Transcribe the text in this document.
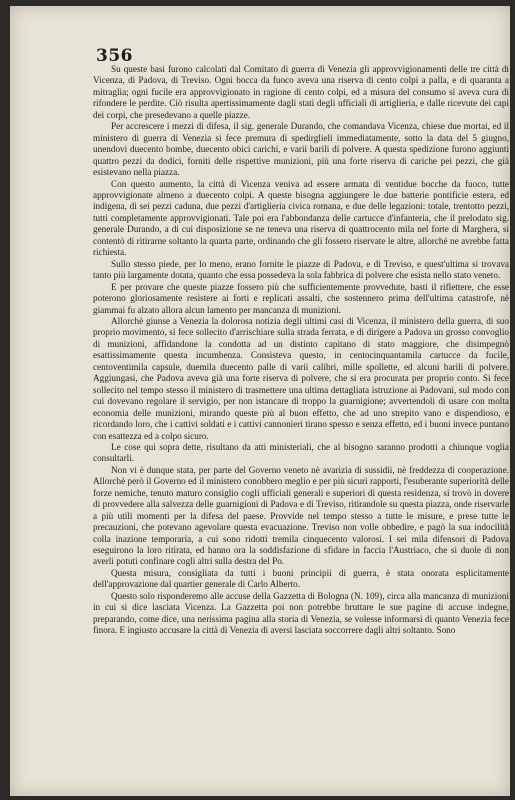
356

Su queste basi furono calcolati dal Comitato di guerra di Venezia gli approvvigionamenti delle tre città di Vicenza, di Padova, di Treviso. Ogni bocca da fuoco aveva una riserva di cento colpi a palla, e di quaranta a mitraglia; ogni fucile era approvvigionato in ragione di cento colpi, ed a misura del consumo si aveva cura di rifondere le perdite. Ciò risulta apertissimamente dagli stati degli ufficiali di artiglieria, e dalle ricevute dei capi dei corpi, che presedevano a quelle piazze.

Per accrescere i mezzi di difesa, il sig. generale Durando, che comandava Vicenza, chiese due mortai, ed il ministero di guerra di Venezia si fece premura di spedirglieli immediatamente, sotto la data del 5 giugno, unendovi duecento bombe, duecento obici carichi, e varii barili di polvere. A questa spedizione furono aggiunti quattro pezzi da dodici, forniti delle rispettive munizioni, più una forte riserva di cariche pei pezzi, che già esistevano nella piazza.

Con questo aumento, la città di Vicenza veniva ad essere armata di ventidue bocche da fuoco, tutte approvvigionate almeno a duecento colpi. A queste bisogna aggiungere le due batterie pontificie estera, ed indigena, di sei pezzi caduna, due pezzi d'artiglieria civica romana, e due delle legazioni: totale, trentotto pezzi, tutti completamente approvvigionati. Tale poi era l'abbondanza delle cartucce d'infanteria, che il prelodato sig. generale Durando, a di cui disposizione se ne teneva una riserva di quattrocento mila nel forte di Marghera, si contentò di ritirarne soltanto la quarta parte, ordinando che gli fossero riservate le altre, allorché ne avrebbe fatta richiesta.

Sullo stesso piede, per lo meno, erano fornite le piazze di Padova, e di Treviso, e quest'ultima si trovava tanto più largamente dotata, quanto che essa possedeva la sola fabbrica di polvere che esista nello stato veneto.

E per provare che queste piazze fossero più che sufficientemente provvedute, basti il riflettere, che esse poterono gloriosamente resistere ai forti e replicati assalti, che sostennero prima dell'ultima catastrofe, nè giammai fu alzato allora alcun lamento per mancanza di munizioni.

Allorchè giunse a Venezia la dolorosa notizia degli ultimi casi di Vicenza, il ministero della guerra, di suo proprio movimento, si fece sollecito d'arrischiare sulla strada ferrata, e di dirigere a Padova un grosso convoglio di munizioni, affidandone la condotta ad un distinto capitano di stato maggiore, che disimpegnò esattissimamente questa incumbenza. Consisteva questo, in centocinquantamila cartucce da fucile, centoventimila capsule, duemila duecento palle di varii calibri, mille spollette, ed alcuni barili di polvere. Aggiungasi, che Padova aveva già una forte riserva di polvere, che si era procurata per proprio conto. Si fece sollecito nel tempo stesso il ministero di trasmettere una ultima dettagliata istruzione ai Padovani, sul modo con cui dovevano regolare il servigio, per non istancare di troppo la guarnigione; avvertendoli di usare con molta economia delle munizioni, mirando queste più al buon effetto, che ad uno strepito vano e dispendioso, e ricordando loro, che i cattivi soldati e i cattivi cannonieri tirano spesso e senza effetto, ed i buoni invece puntano con esattezza ed a colpo sicuro.

Le cose qui sopra dette, risultano da atti ministeriali, che al bisogno saranno prodotti a chiunque voglia consultarli.

Non vi è dunque stata, per parte del Governo veneto nè avarizia di sussidii, nè freddezza di cooperazione. Allorchè però il Governo ed il ministero conobbero meglio e per più sicuri rapporti, l'esuberante superiorità delle forze nemiche, tenuto maturo consiglio cogli ufficiali generali e superiori di questa residenza, si trovò in dovere di provvedere alla salvezza delle guarnigioni di Padova e di Treviso, ritirandole su questa piazza, onde riservarle a più utili momenti per la difesa del paese. Provvide nel tempo stesso a tutte le misure, e prese tutte le precauzioni, che potevano agevolare questa evacuazione. Treviso non volle obbedire, e pagò la sua indocilità colla inazione temporaria, a cui sono ridotti tremila cinquecento valorosi. I sei mila difensori di Padova eseguirono la loro ritirata, ed hanno ora la soddisfazione di sfidare in faccia l'Austriaco, che si duole di non averli potuti confinare cogli altri sulla destra del Po.

Questa misura, consigliata da tutti i buoni principii di guerra, è stata onorata esplicitamente dell'approvazione dal quartier generale di Carlo Alberto.

Questo solo risponderemo alle accuse della Gazzetta di Bologna (N. 109), circa alla mancanza di munizioni in cui si dice lasciata Vicenza. La Gazzetta poi non potrebbe bruttare le sue pagine di accuse indegne, preparando, come dice, una nerissima pagina alla storia di Venezia, se volesse informarsi di quanto Venezia fece finora. E ingiusto accusare la città di Venezia di aversi lasciata soccorrere dagli altri soltanto. Sono
